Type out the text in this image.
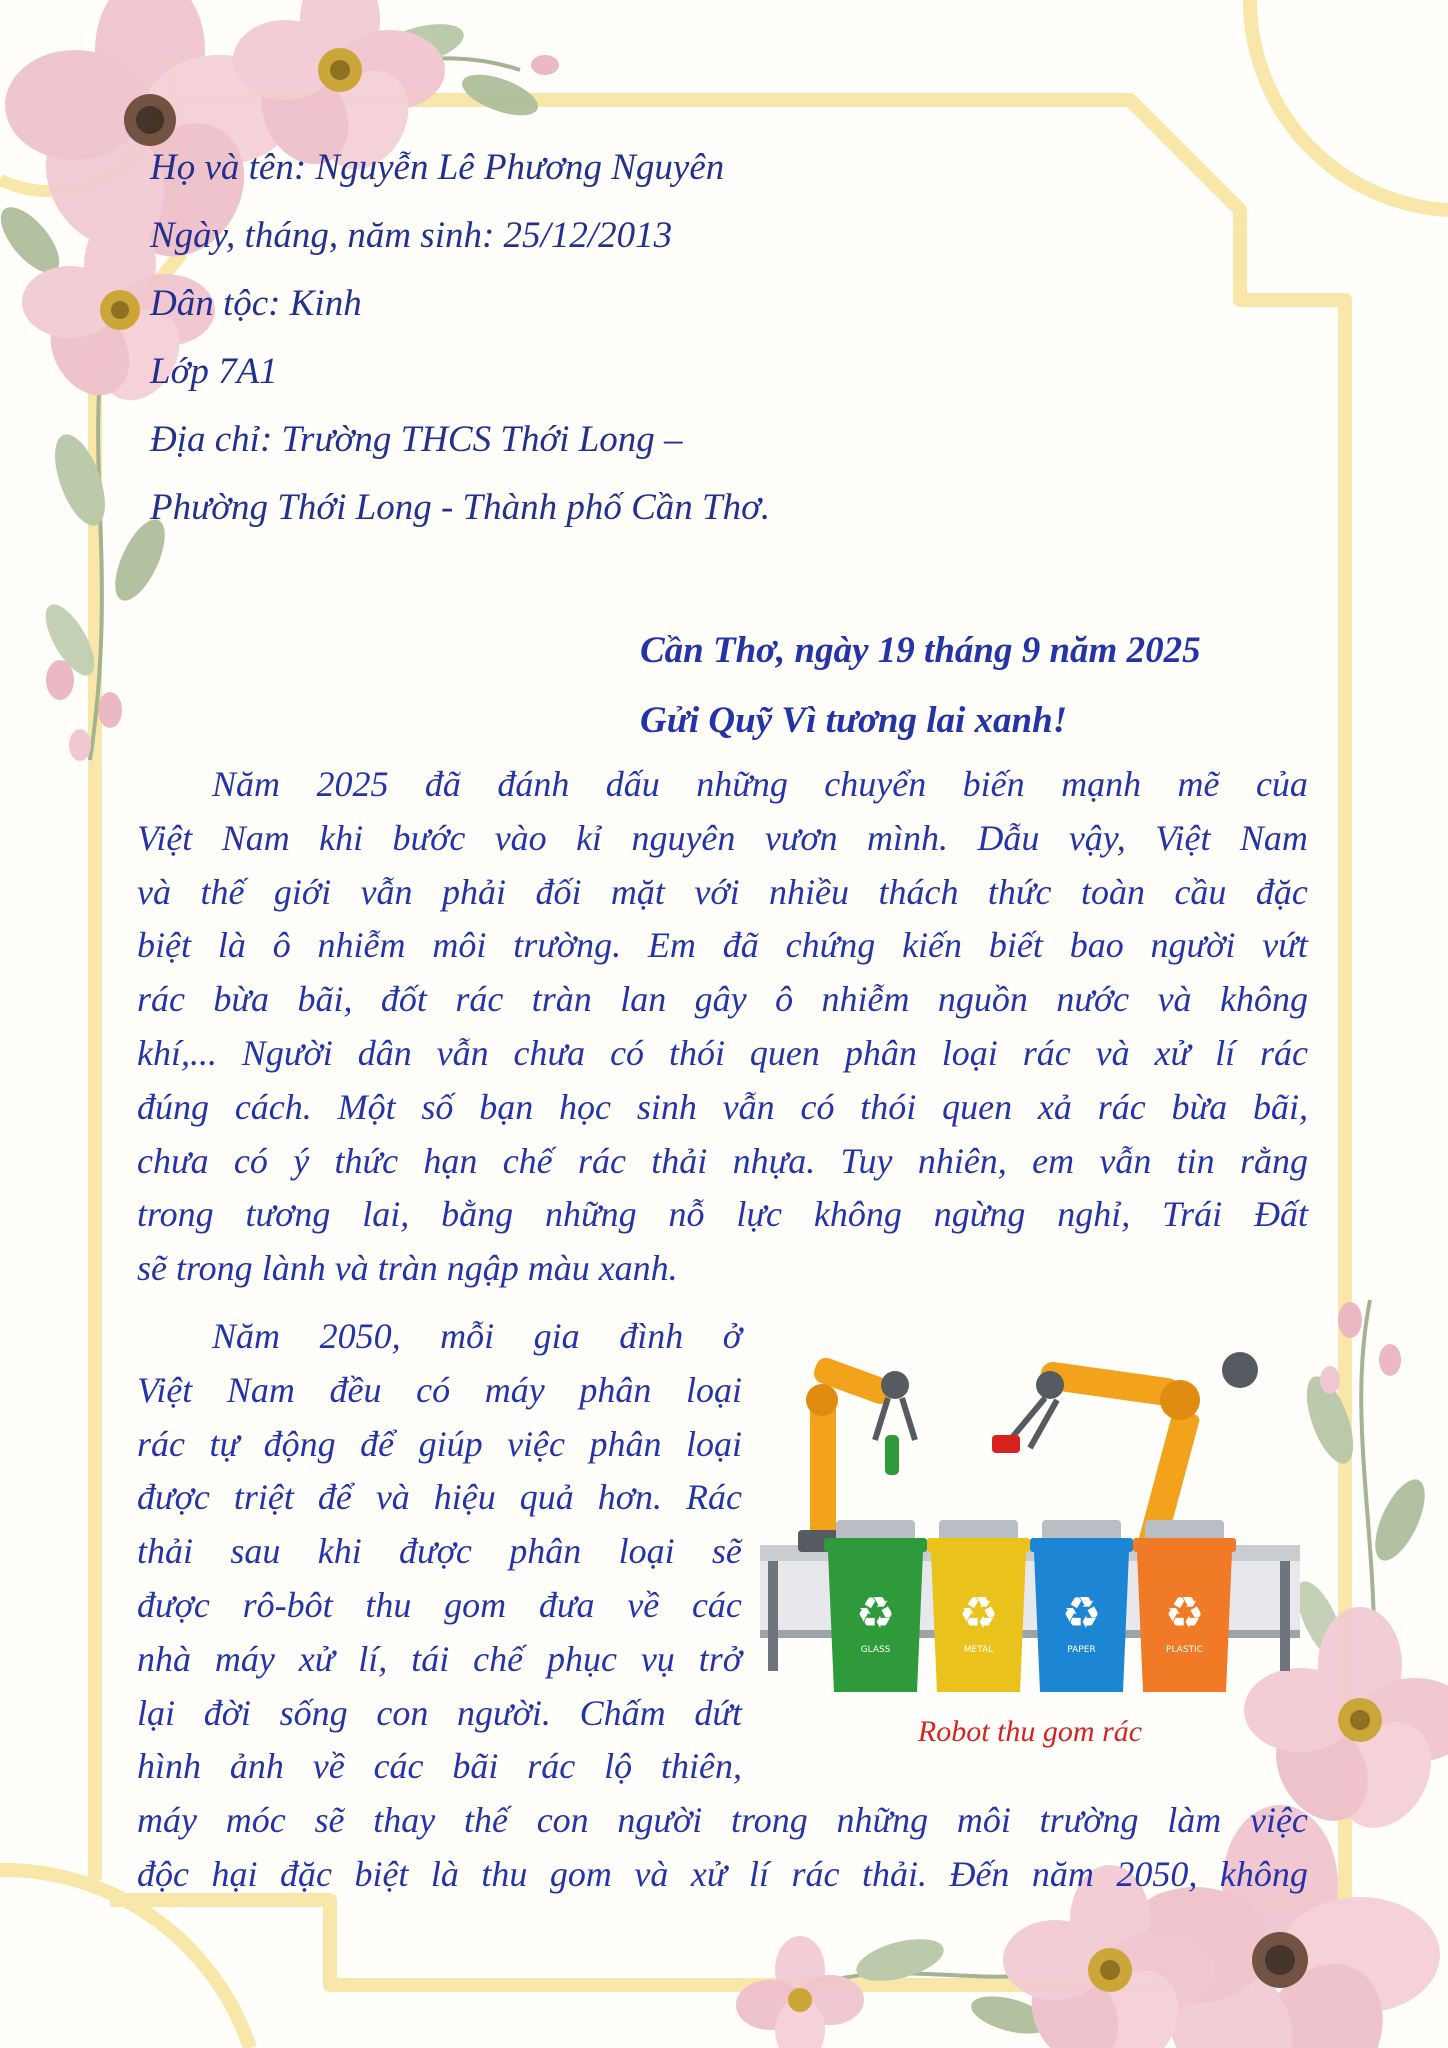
Họ và tên: Nguyễn Lê Phương Nguyên
Ngày, tháng, năm sinh: 25/12/2013
Dân tộc: Kinh
Lớp 7A1
Địa chỉ: Trường THCS Thới Long –
Phường Thới Long - Thành phố Cần Thơ.
Cần Thơ, ngày 19 tháng 9 năm 2025
Gửi Quỹ Vì tương lai xanh!
Năm 2025 đã đánh dấu những chuyển biến mạnh mẽ của
Việt Nam khi bước vào kỉ nguyên vươn mình. Dẫu vậy, Việt Nam
và thế giới vẫn phải đối mặt với nhiều thách thức toàn cầu đặc
biệt là ô nhiễm môi trường. Em đã chứng kiến biết bao người vứt
rác bừa bãi, đốt rác tràn lan gây ô nhiễm nguồn nước và không
khí,... Người dân vẫn chưa có thói quen phân loại rác và xử lí rác
đúng cách. Một số bạn học sinh vẫn có thói quen xả rác bừa bãi,
chưa có ý thức hạn chế rác thải nhựa. Tuy nhiên, em vẫn tin rằng
trong tương lai, bằng những nỗ lực không ngừng nghỉ, Trái Đất
sẽ trong lành và tràn ngập màu xanh.
Năm 2050, mỗi gia đình ở
Việt Nam đều có máy phân loại
rác tự động để giúp việc phân loại
được triệt để và hiệu quả hơn. Rác
thải sau khi được phân loại sẽ
được rô-bôt thu gom đưa về các
nhà máy xử lí, tái chế phục vụ trở
lại đời sống con người. Chấm dứt
hình ảnh về các bãi rác lộ thiên,
máy móc sẽ thay thế con người trong những môi trường làm việc
độc hại đặc biệt là thu gom và xử lí rác thải. Đến năm 2050, không
♻
GLASS
♻
METAL
♻
PAPER
♻
PLASTIC
Robot thu gom rác
